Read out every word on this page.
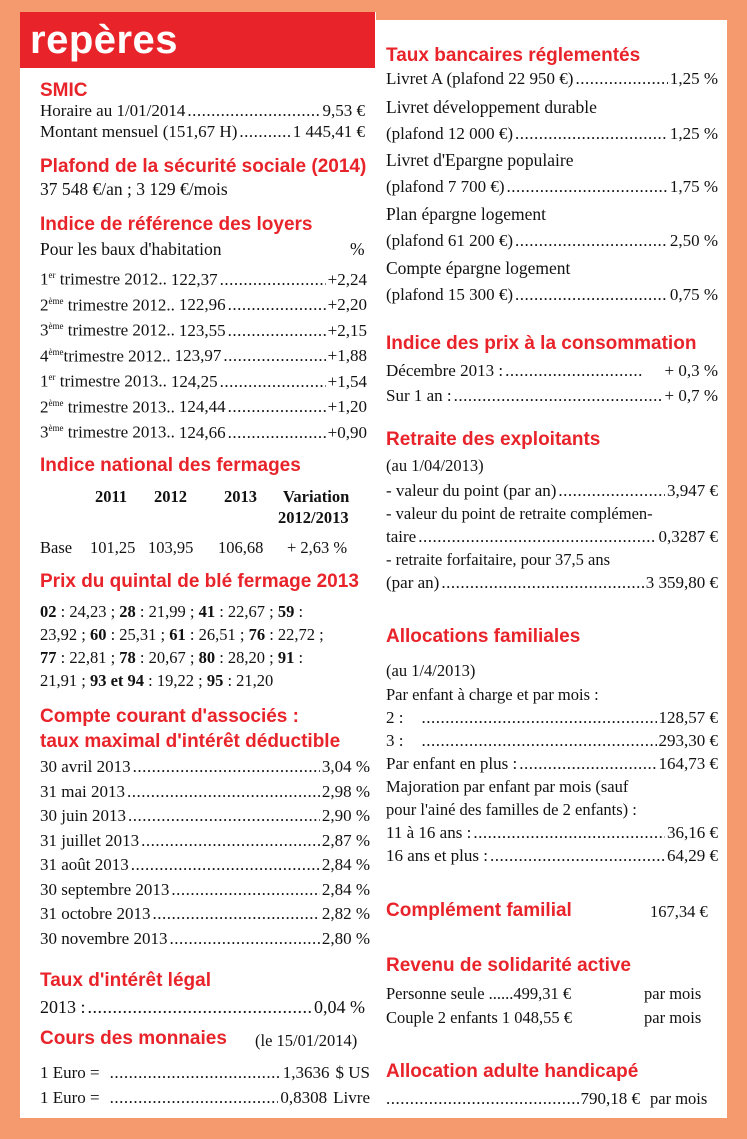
repères
SMIC
Horaire au 1/01/2014 .....	9,53 €
Montant mensuel (151,67 H) .....	1 445,41 €
Plafond de la sécurité sociale (2014)
37 548 €/an ; 3 129 €/mois
Indice de référence des loyers
Pour les baux d'habitation	%
1er trimestre 2012.. 122,37 .....	+2,24
2ème trimestre 2012.. 122,96 .....	+2,20
3ème trimestre 2012.. 123,55 .....	+2,15
4èmetrimestre 2012.. 123,97 .....	+1,88
1er trimestre 2013.. 124,25 .....	+1,54
2ème trimestre 2013.. 124,44 .....	+1,20
3ème trimestre 2013.. 124,66 .....	+0,90
Indice national des fermages
2011 2012 2013 Variation
2012/2013
Base 101,25 103,95 106,68 + 2,63 %
Prix du quintal de blé fermage 2013
02 : 24,23 ; 28 : 21,99 ; 41 : 22,67 ; 59 :
23,92 ; 60 : 25,31 ; 61 : 26,51 ; 76 : 22,72 ;
77 : 22,81 ; 78 : 20,67 ; 80 : 28,20 ; 91 :
21,91 ; 93 et 94 : 19,22 ; 95 : 21,20
Compte courant d'associés :
taux maximal d'intérêt déductible
30 avril 2013 .....	3,04 %
31 mai 2013 .....	2,98 %
30 juin 2013 .....	2,90 %
31 juillet 2013 .....	2,87 %
31 août 2013 .....	2,84 %
30 septembre 2013 .....	2,84 %
31 octobre 2013 .....	2,82 %
30 novembre 2013 .....	2,80 %
Taux d'intérêt légal
2013 : .....	0,04 %
Cours des monnaies (le 15/01/2014)
1 Euro = .....	1,3636 $ US
1 Euro = .....	0,8308 Livre
Taux bancaires réglementés
Livret A (plafond 22 950 €) .....	1,25 %
Livret développement durable
(plafond 12 000 €) .....	1,25 %
Livret d'Epargne populaire
(plafond 7 700 €) .....	1,75 %
Plan épargne logement
(plafond 61 200 €) .....	2,50 %
Compte épargne logement
(plafond 15 300 €) .....	0,75 %
Indice des prix à la consommation
Décembre 2013 : .....	+ 0,3 %
Sur 1 an : .....	+ 0,7 %
Retraite des exploitants
(au 1/04/2013)
- valeur du point (par an) .....	3,947 €
- valeur du point de retraite complémen-
taire .....	0,3287 €
- retraite forfaitaire, pour 37,5 ans
(par an) .....	3 359,80 €
Allocations familiales
(au 1/4/2013)
Par enfant à charge et par mois :
2 : .....	128,57 €
3 : .....	293,30 €
Par enfant en plus : .....	164,73 €
Majoration par enfant par mois (sauf
pour l'ainé des familles de 2 enfants) :
11 à 16 ans : .....	36,16 €
16 ans et plus : .....	64,29 €
Complément familial	167,34 €
Revenu de solidarité active
Personne seule ......499,31 €	par mois
Couple 2 enfants 1 048,55 €	par mois
Allocation adulte handicapé
.....
790,18 € par mois
